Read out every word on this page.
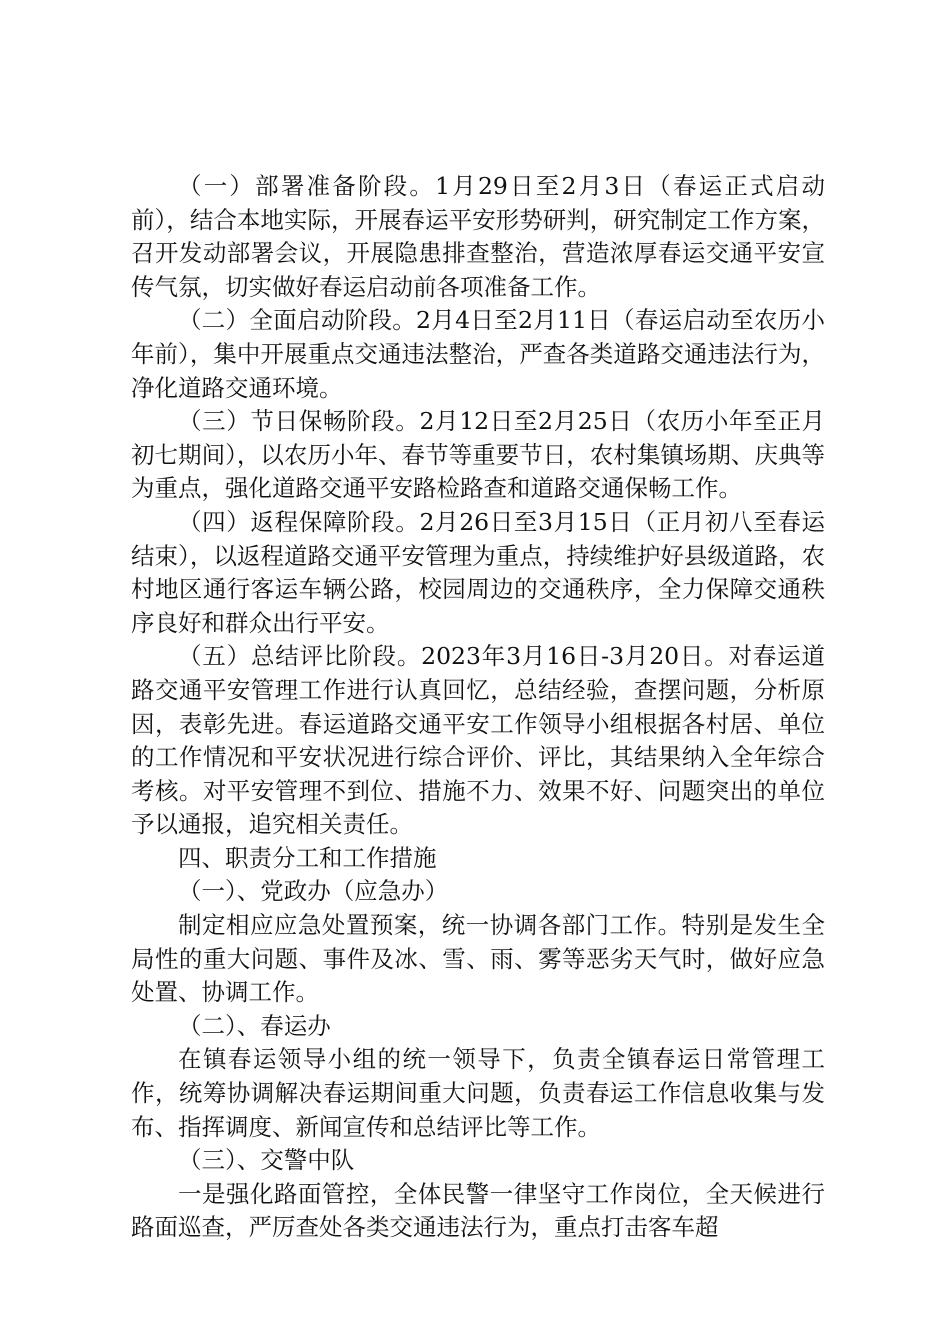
（一）部署准备阶段。1月29日至2月3日（春运正式启动前），结合本地实际，开展春运平安形势研判，研究制定工作方案，召开发动部署会议，开展隐患排查整治，营造浓厚春运交通平安宣传气氛，切实做好春运启动前各项准备工作。

（二）全面启动阶段。2月4日至2月11日（春运启动至农历小年前），集中开展重点交通违法整治，严查各类道路交通违法行为，净化道路交通环境。

（三）节日保畅阶段。2月12日至2月25日（农历小年至正月初七期间），以农历小年、春节等重要节日，农村集镇场期、庆典等为重点，强化道路交通平安路检路查和道路交通保畅工作。

（四）返程保障阶段。2月26日至3月15日（正月初八至春运结束），以返程道路交通平安管理为重点，持续维护好县级道路，农村地区通行客运车辆公路，校园周边的交通秩序，全力保障交通秩序良好和群众出行平安。

（五）总结评比阶段。2023年3月16日-3月20日。对春运道路交通平安管理工作进行认真回忆，总结经验，查摆问题，分析原因，表彰先进。春运道路交通平安工作领导小组根据各村居、单位的工作情况和平安状况进行综合评价、评比，其结果纳入全年综合考核。对平安管理不到位、措施不力、效果不好、问题突出的单位予以通报，追究相关责任。

四、职责分工和工作措施

（一）、党政办（应急办）

制定相应应急处置预案，统一协调各部门工作。特别是发生全局性的重大问题、事件及冰、雪、雨、雾等恶劣天气时，做好应急处置、协调工作。

（二）、春运办

在镇春运领导小组的统一领导下，负责全镇春运日常管理工作，统筹协调解决春运期间重大问题，负责春运工作信息收集与发布、指挥调度、新闻宣传和总结评比等工作。

（三）、交警中队

一是强化路面管控，全体民警一律坚守工作岗位，全天候进行路面巡查，严厉查处各类交通违法行为，重点打击客车超
